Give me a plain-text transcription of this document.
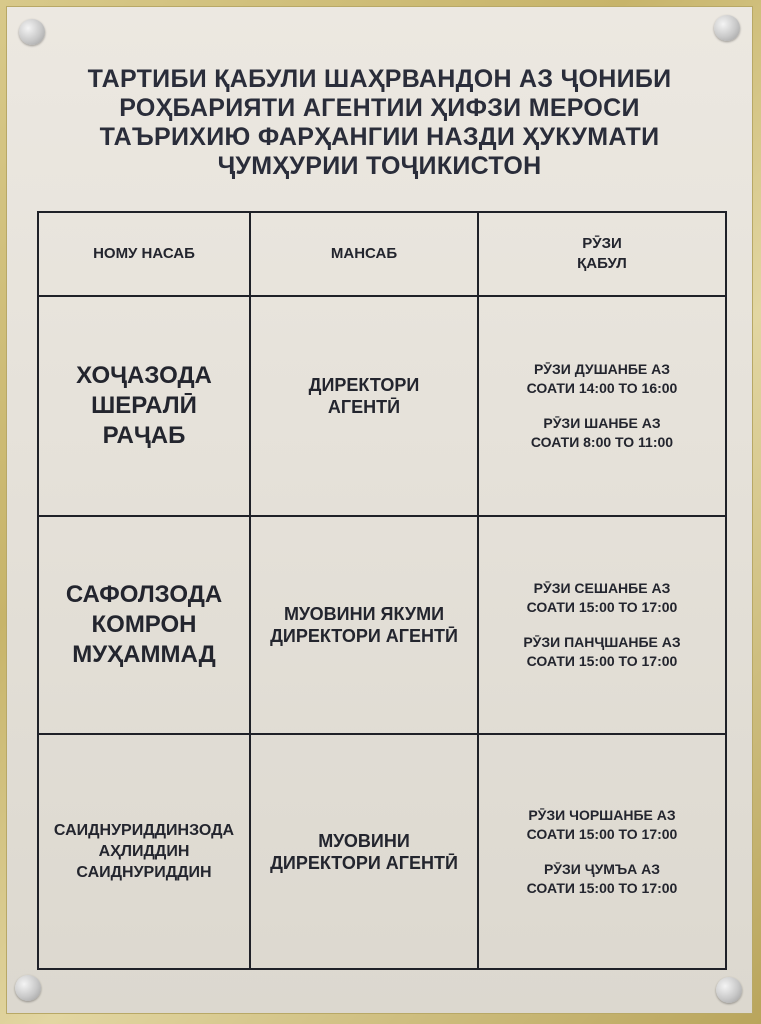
ТАРТИБИ ҚАБУЛИ ШАҲРВАНДОН АЗ ҶОНИБИ
РОҲБАРИЯТИ АГЕНТИИ ҲИФЗИ МЕРОСИ
ТАЪРИХИЮ ФАРҲАНГИИ НАЗДИ ҲУКУМАТИ
ҶУМҲУРИИ ТОҶИКИСТОН
НОМУ НАСАБ	МАНСАБ
РӮЗИ
ҚАБУЛ
ХОҶАЗОДА
ШЕРАЛӢ
РАҶАБ
ДИРЕКТОРИ
АГЕНТӢ
РӮЗИ ДУШАНБЕ АЗ
СОАТИ 14:00 ТО 16:00
РӮЗИ ШАНБЕ АЗ
СОАТИ 8:00 ТО 11:00
САФОЛЗОДА
КОМРОН
МУҲАММАД
МУОВИНИ ЯКУМИ
ДИРЕКТОРИ АГЕНТӢ
РӮЗИ СЕШАНБЕ АЗ
СОАТИ 15:00 ТО 17:00
РӮЗИ ПАНҶШАНБЕ АЗ
СОАТИ 15:00 ТО 17:00
САИДНУРИДДИНЗОДА
АҲЛИДДИН
САИДНУРИДДИН
МУОВИНИ
ДИРЕКТОРИ АГЕНТӢ
РӮЗИ ЧОРШАНБЕ АЗ
СОАТИ 15:00 ТО 17:00
РӮЗИ ҶУМЪА АЗ
СОАТИ 15:00 ТО 17:00
